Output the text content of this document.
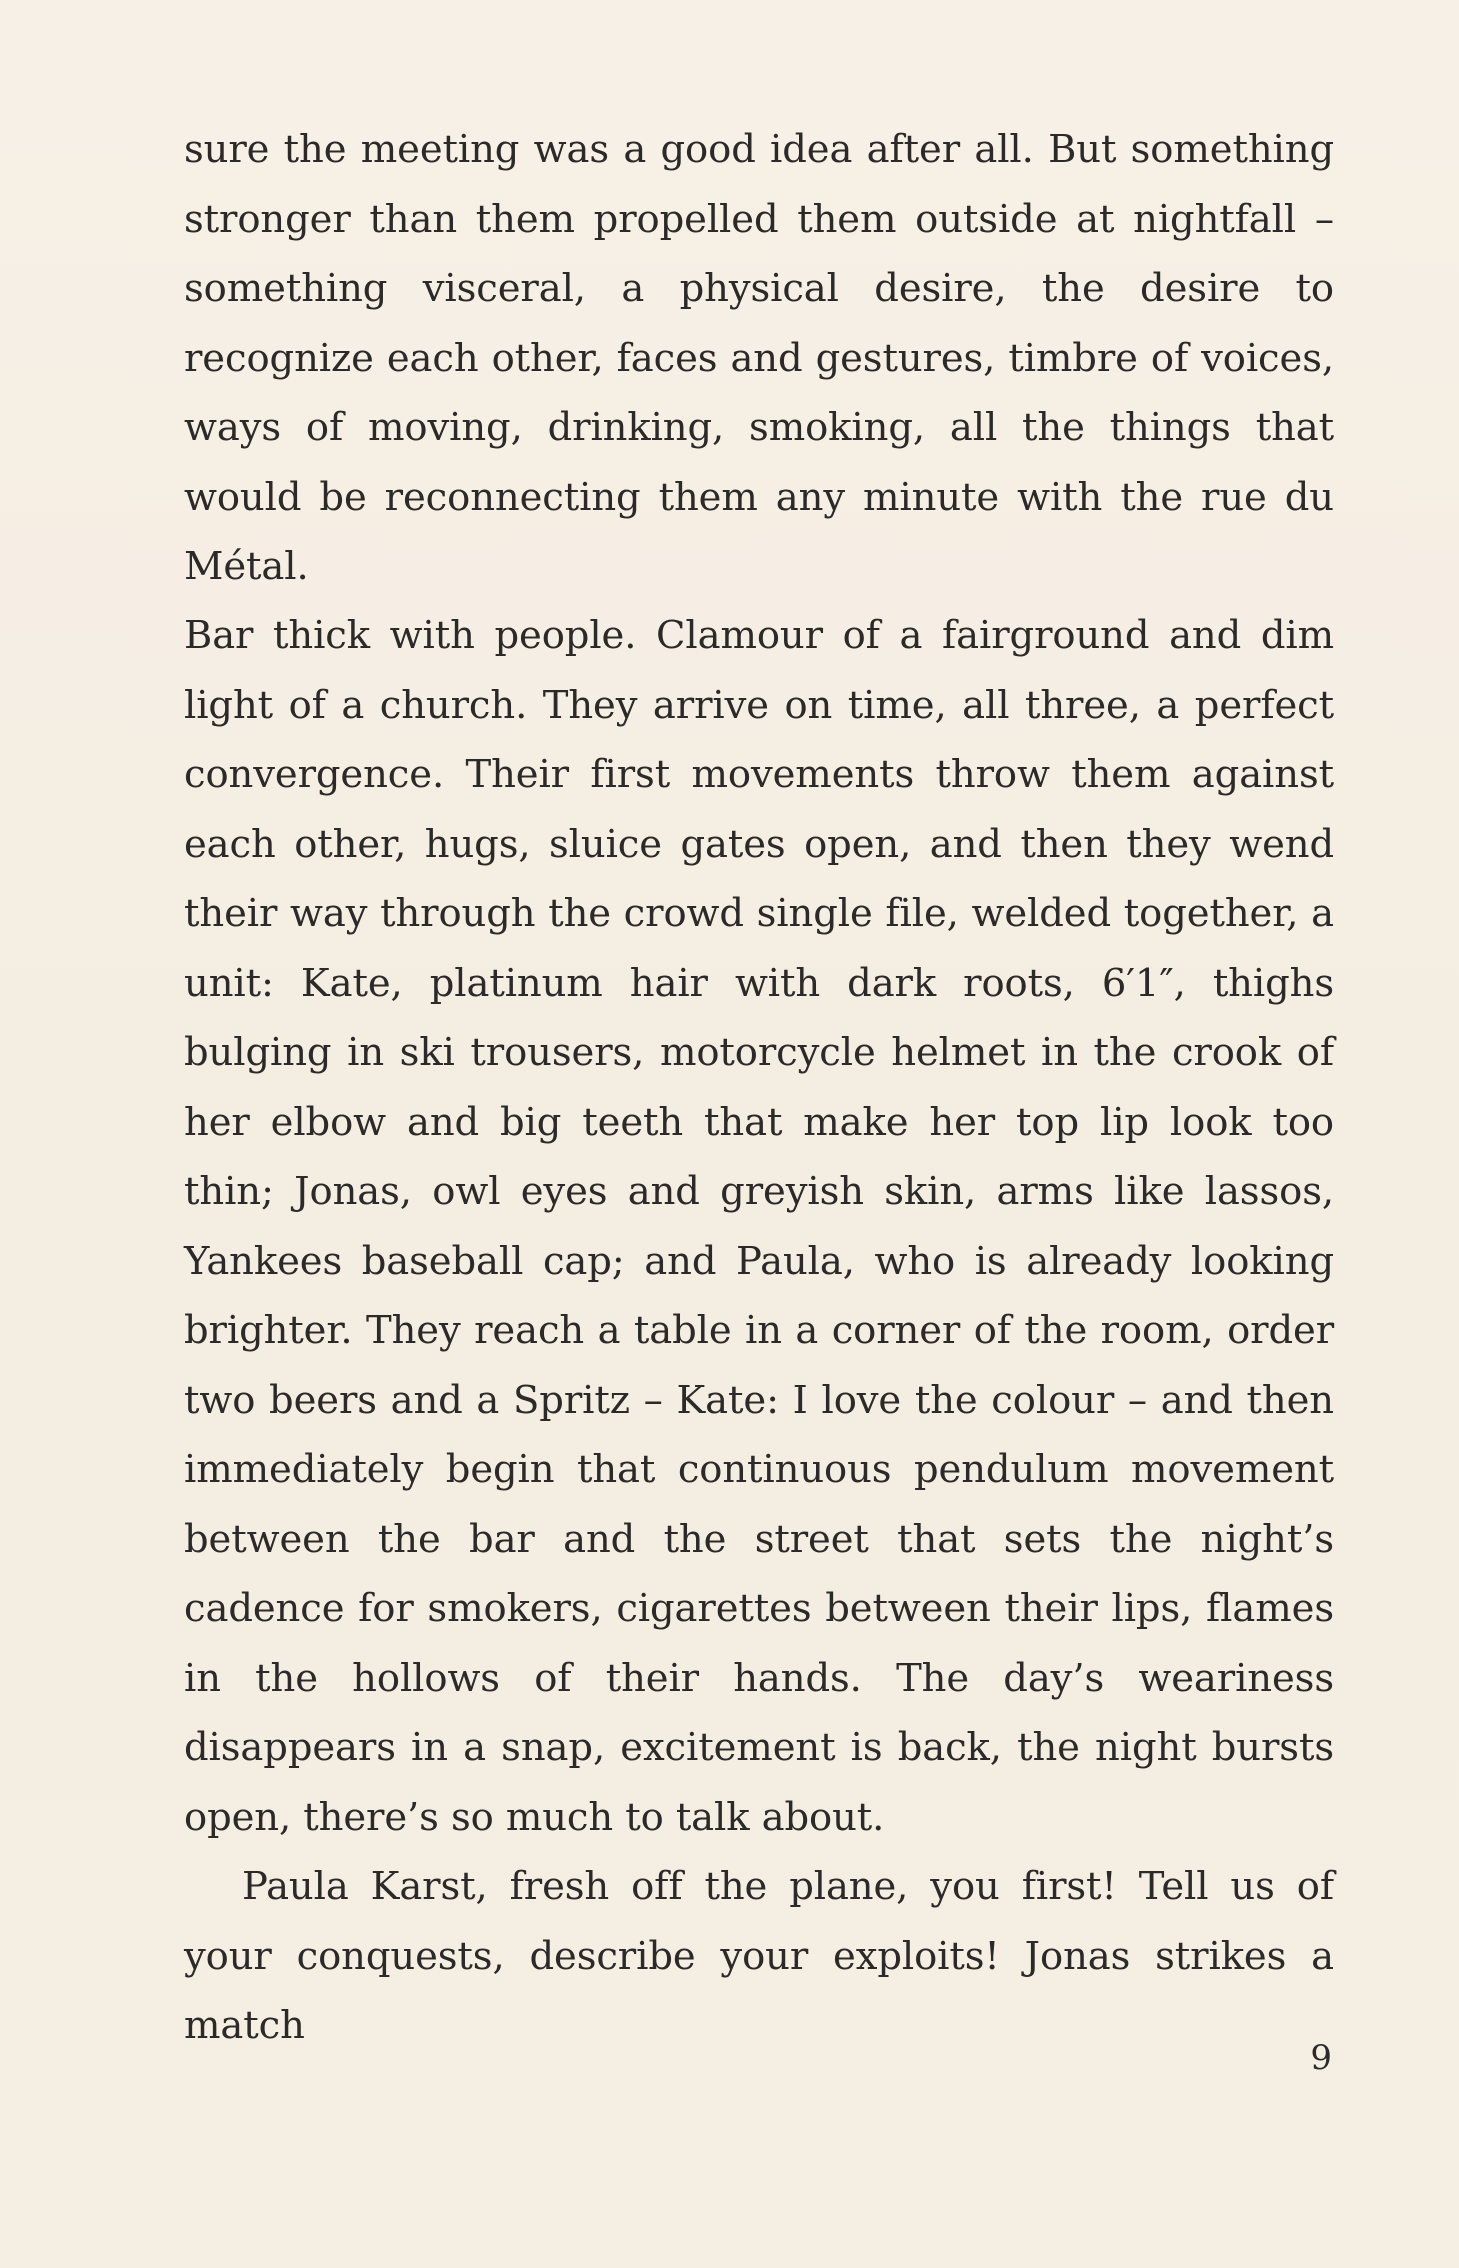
sure the meeting was a good idea after all. But something stronger than them propelled them outside at nightfall – something visceral, a physical desire, the desire to recognize each other, faces and gestures, timbre of voices, ways of moving, drinking, smoking, all the things that would be reconnecting them any minute with the rue du Métal.

Bar thick with people. Clamour of a fairground and dim light of a church. They arrive on time, all three, a perfect convergence. Their first movements throw them against each other, hugs, sluice gates open, and then they wend their way through the crowd single file, welded together, a unit: Kate, platinum hair with dark roots, 6′1″, thighs bulging in ski trousers, motorcycle helmet in the crook of her elbow and big teeth that make her top lip look too thin; Jonas, owl eyes and greyish skin, arms like lassos, Yankees baseball cap; and Paula, who is already looking brighter. They reach a table in a corner of the room, order two beers and a Spritz – Kate: I love the colour – and then immediately begin that continuous pendulum movement between the bar and the street that sets the night’s cadence for smokers, cigarettes between their lips, flames in the hollows of their hands. The day’s weariness disappears in a snap, excitement is back, the night bursts open, there’s so much to talk about.

Paula Karst, fresh off the plane, you first! Tell us of your conquests, describe your exploits! Jonas strikes a match

9
